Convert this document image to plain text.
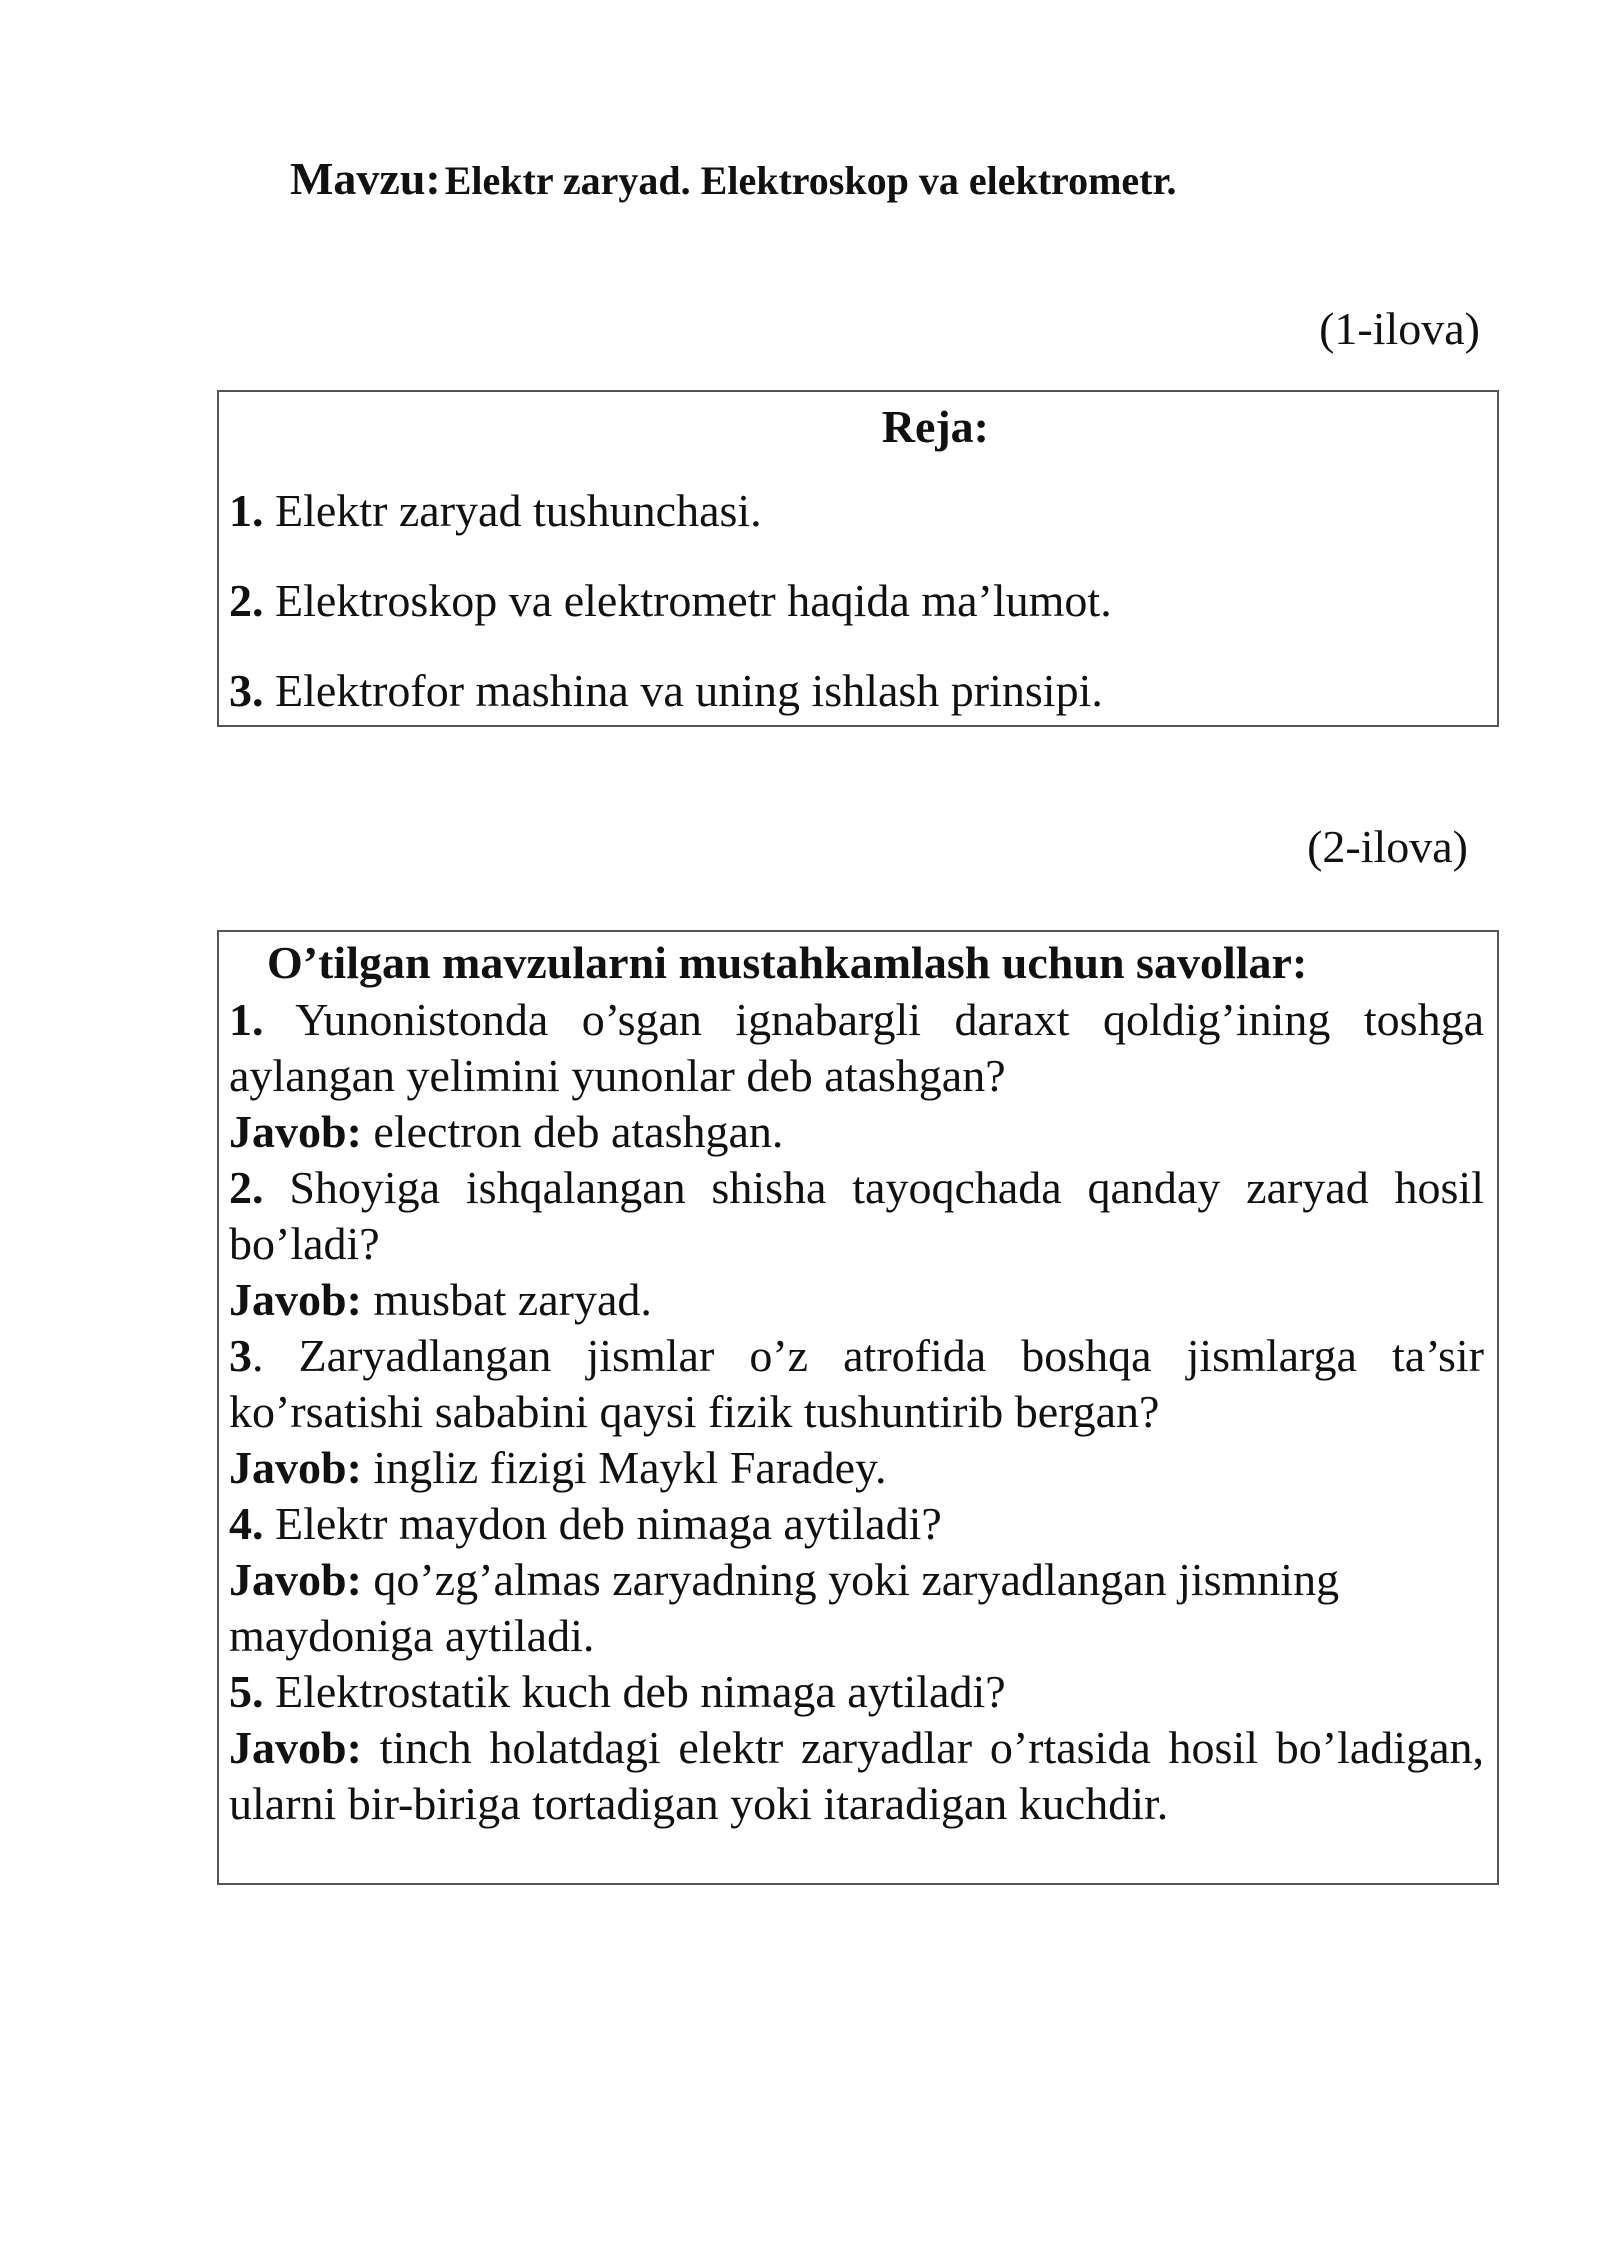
Mavzu: Elektr zaryad. Elektroskop va elektrometr.
(1-ilova)
Reja:
1. Elektr zaryad tushunchasi.
2. Elektroskop va elektrometr haqida ma’lumot.
3. Elektrofor mashina va uning ishlash prinsipi.
(2-ilova)
O’tilgan mavzularni mustahkamlash uchun savollar:

1. Yunonistonda o’sgan ignabargli daraxt qoldig’ining toshga aylangan yelimini yunonlar deb atashgan?

Javob: electron deb atashgan.

2. Shoyiga ishqalangan shisha tayoqchada qanday zaryad hosil bo’ladi?

Javob: musbat zaryad.

3. Zaryadlangan jismlar o’z atrofida boshqa jismlarga ta’sir ko’rsatishi sababini qaysi fizik tushuntirib bergan?

Javob: ingliz fizigi Maykl Faradey.

4. Elektr maydon deb nimaga aytiladi?

Javob: qo’zg’almas zaryadning yoki zaryadlangan jismning maydoniga aytiladi.

5. Elektrostatik kuch deb nimaga aytiladi?

Javob: tinch holatdagi elektr zaryadlar o’rtasida hosil bo’ladigan, ularni bir-biriga tortadigan yoki itaradigan kuchdir.
